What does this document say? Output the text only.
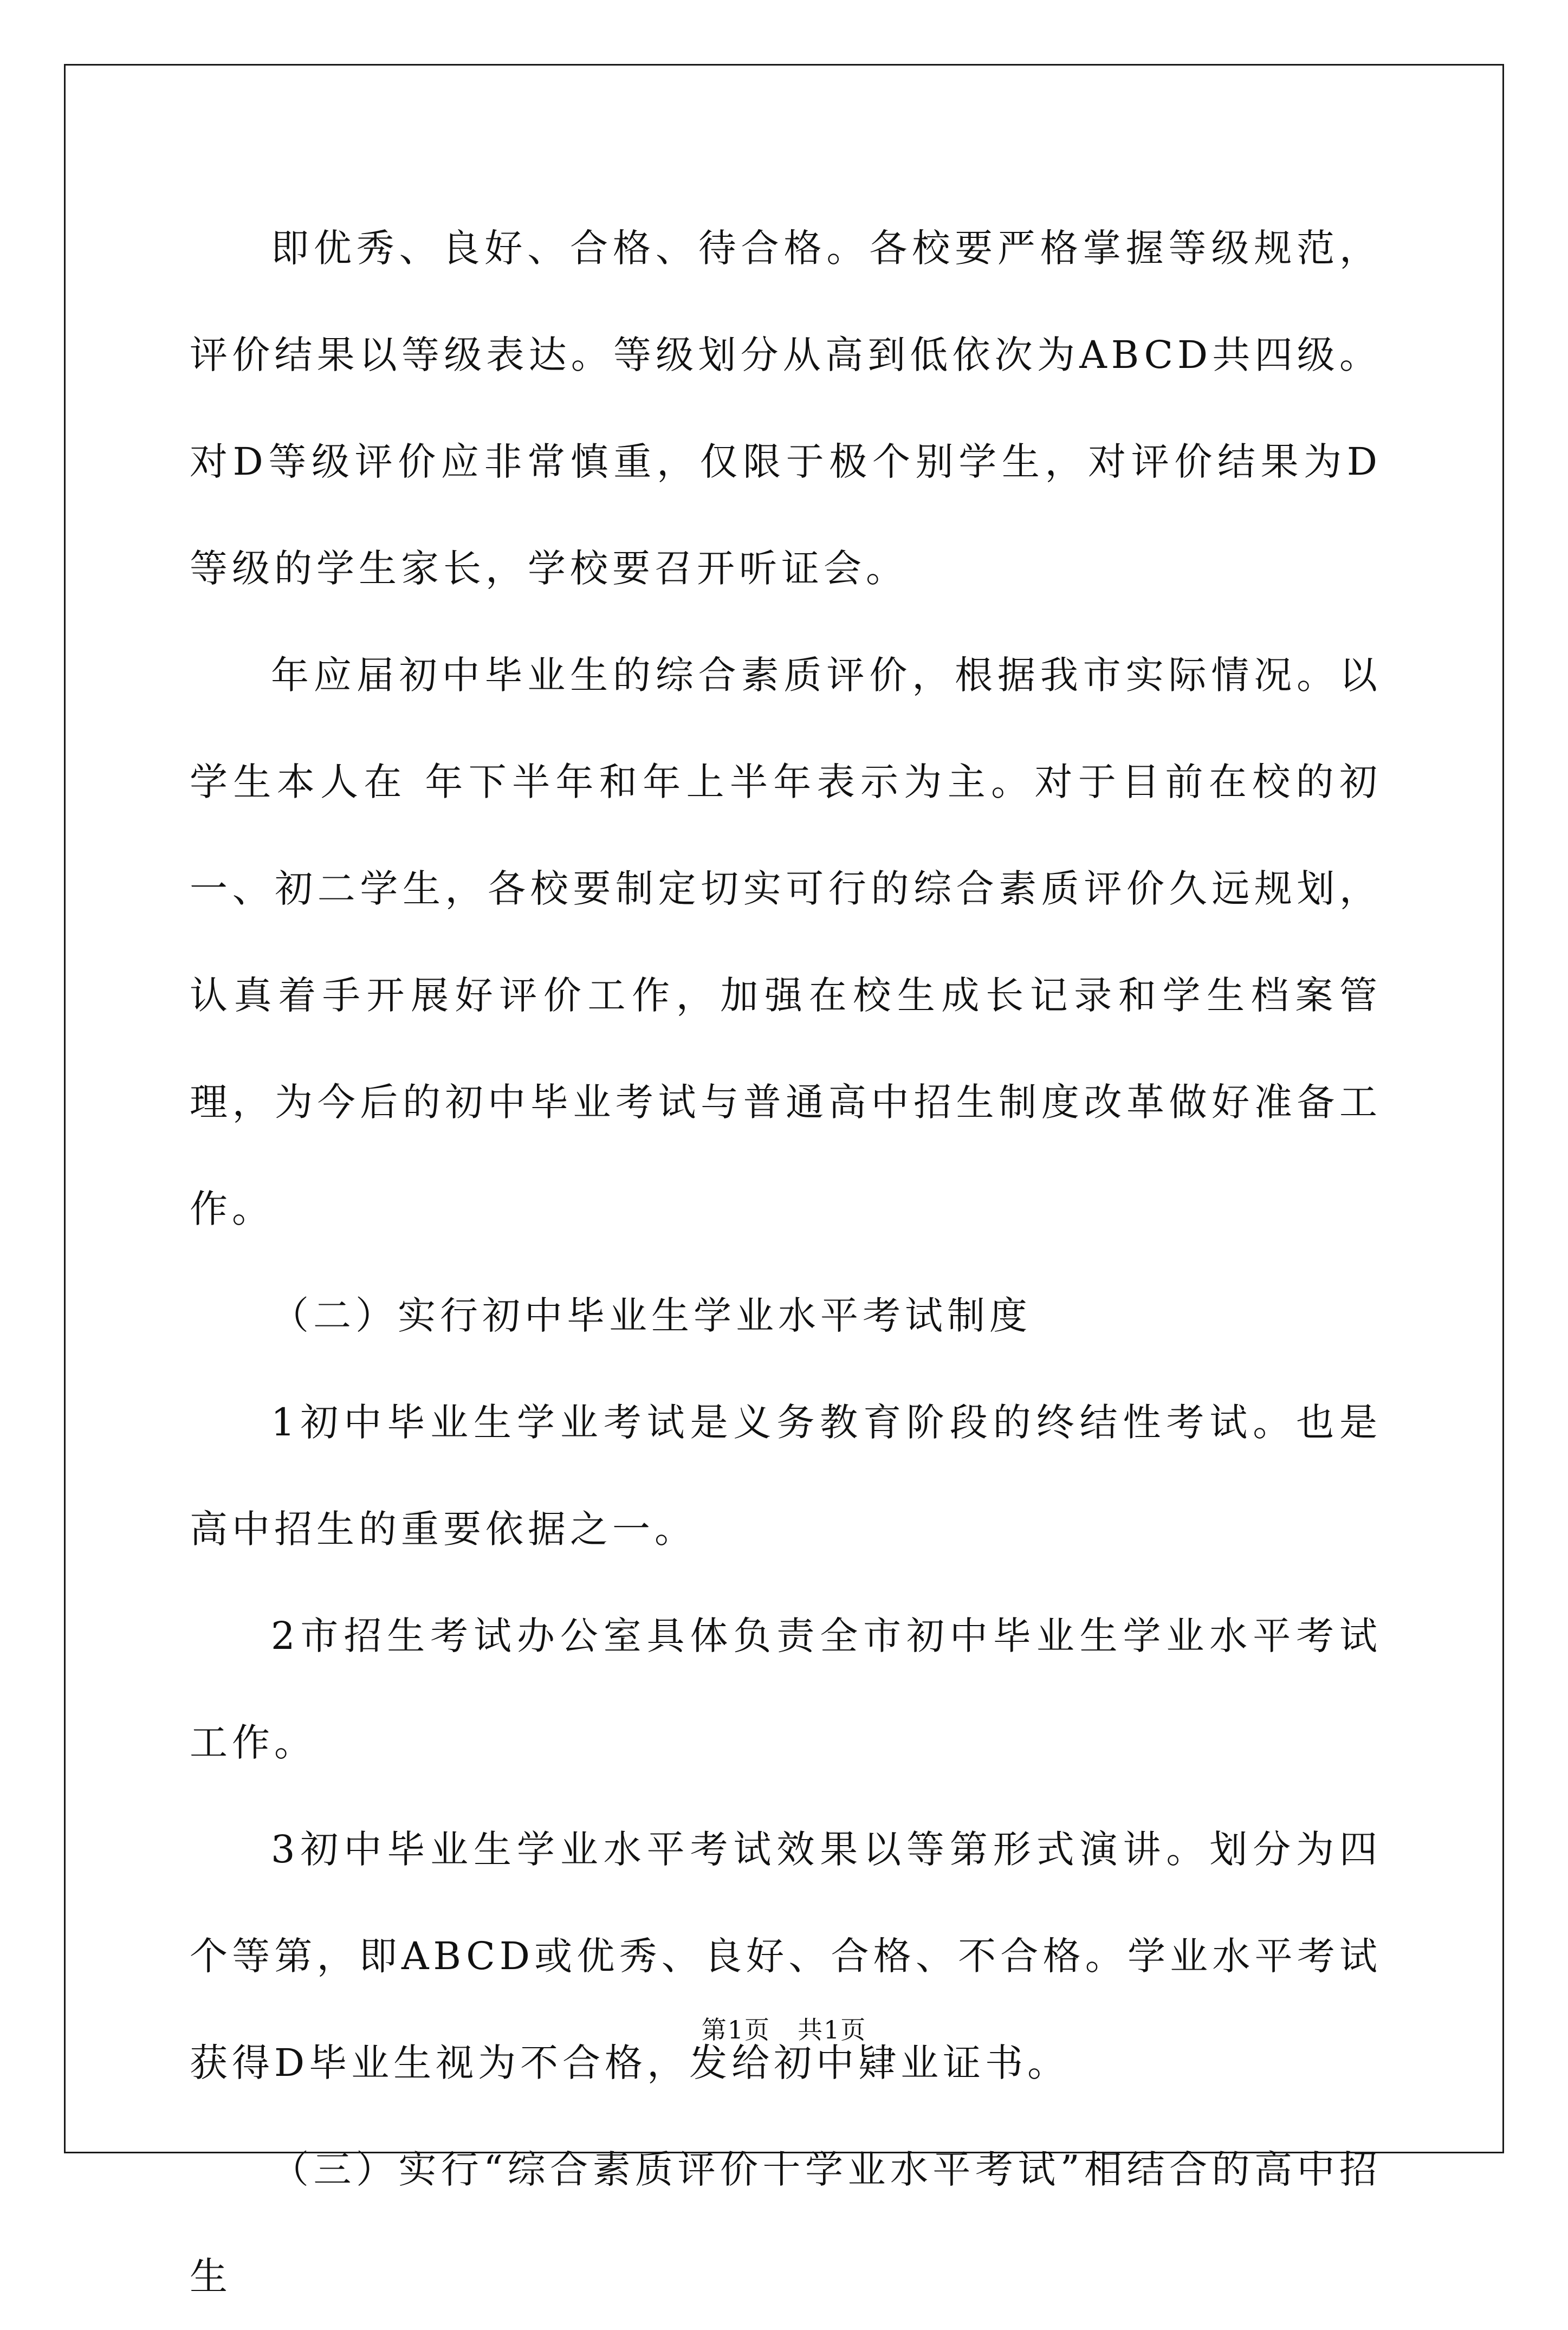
即优秀、良好、合格、待合格。各校要严格掌握等级规范，评价结果以等级表达。等级划分从高到低依次为ABCD共四级。对D等级评价应非常慎重，仅限于极个别学生，对评价结果为D等级的学生家长，学校要召开听证会。

年应届初中毕业生的综合素质评价，根据我市实际情况。以学生本人在 年下半年和年上半年表示为主。对于目前在校的初一、初二学生，各校要制定切实可行的综合素质评价久远规划，认真着手开展好评价工作，加强在校生成长记录和学生档案管理，为今后的初中毕业考试与普通高中招生制度改革做好准备工作。

（二）实行初中毕业生学业水平考试制度

1初中毕业生学业考试是义务教育阶段的终结性考试。也是高中招生的重要依据之一。

2市招生考试办公室具体负责全市初中毕业生学业水平考试工作。

3初中毕业生学业水平考试效果以等第形式演讲。划分为四个等第，即ABCD或优秀、良好、合格、不合格。学业水平考试获得D毕业生视为不合格，发给初中肄业证书。

（三）实行“综合素质评价十学业水平考试”相结合的高中招生

第1页 共1页
